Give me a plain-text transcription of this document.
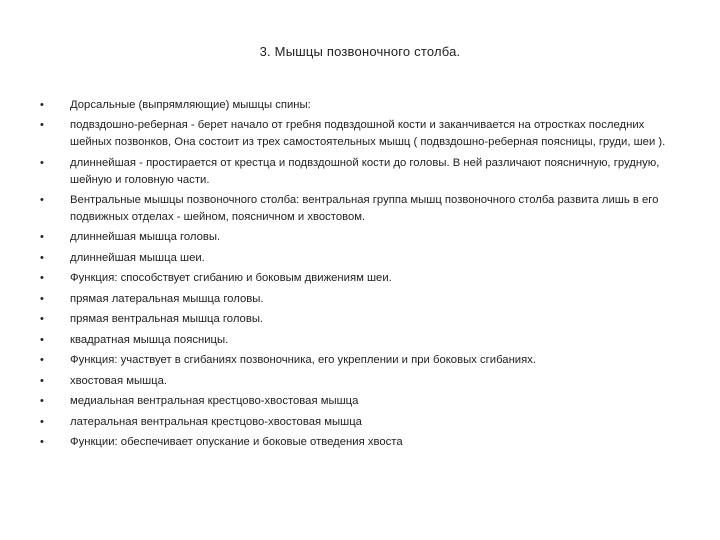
3. Мышцы позвоночного столба.
• Дорсальные (выпрямляющие) мышцы спины:
• подвздошно-реберная - берет начало от гребня подвздошной кости и заканчивается на отростках последних шейных позвонков, Она состоит из трех самостоятельных мышц ( подвздошно-реберная поясницы, груди, шеи ).
• длиннейшая - простирается от крестца и подвздошной кости до головы. В ней различают поясничную, грудную, шейную и головную части.
• Вентральные мышцы позвоночного столба: вентральная группа мышц позвоночного столба развита лишь в его подвижных отделах - шейном, поясничном и хвостовом.
• длиннейшая мышца головы.
• длиннейшая мышца шеи.
• Функция: способствует сгибанию и боковым движениям шеи.
• прямая латеральная мышца головы.
• прямая вентральная мышца головы.
• квадратная мышца поясницы.
• Функция: участвует в сгибаниях позвоночника, его укреплении и при боковых сгибаниях.
• хвостовая мышца.
• медиальная вентральная крестцово-хвостовая мышца
• латеральная вентральная крестцово-хвостовая мышца
• Функции: обеспечивает опускание и боковые отведения хвоста
